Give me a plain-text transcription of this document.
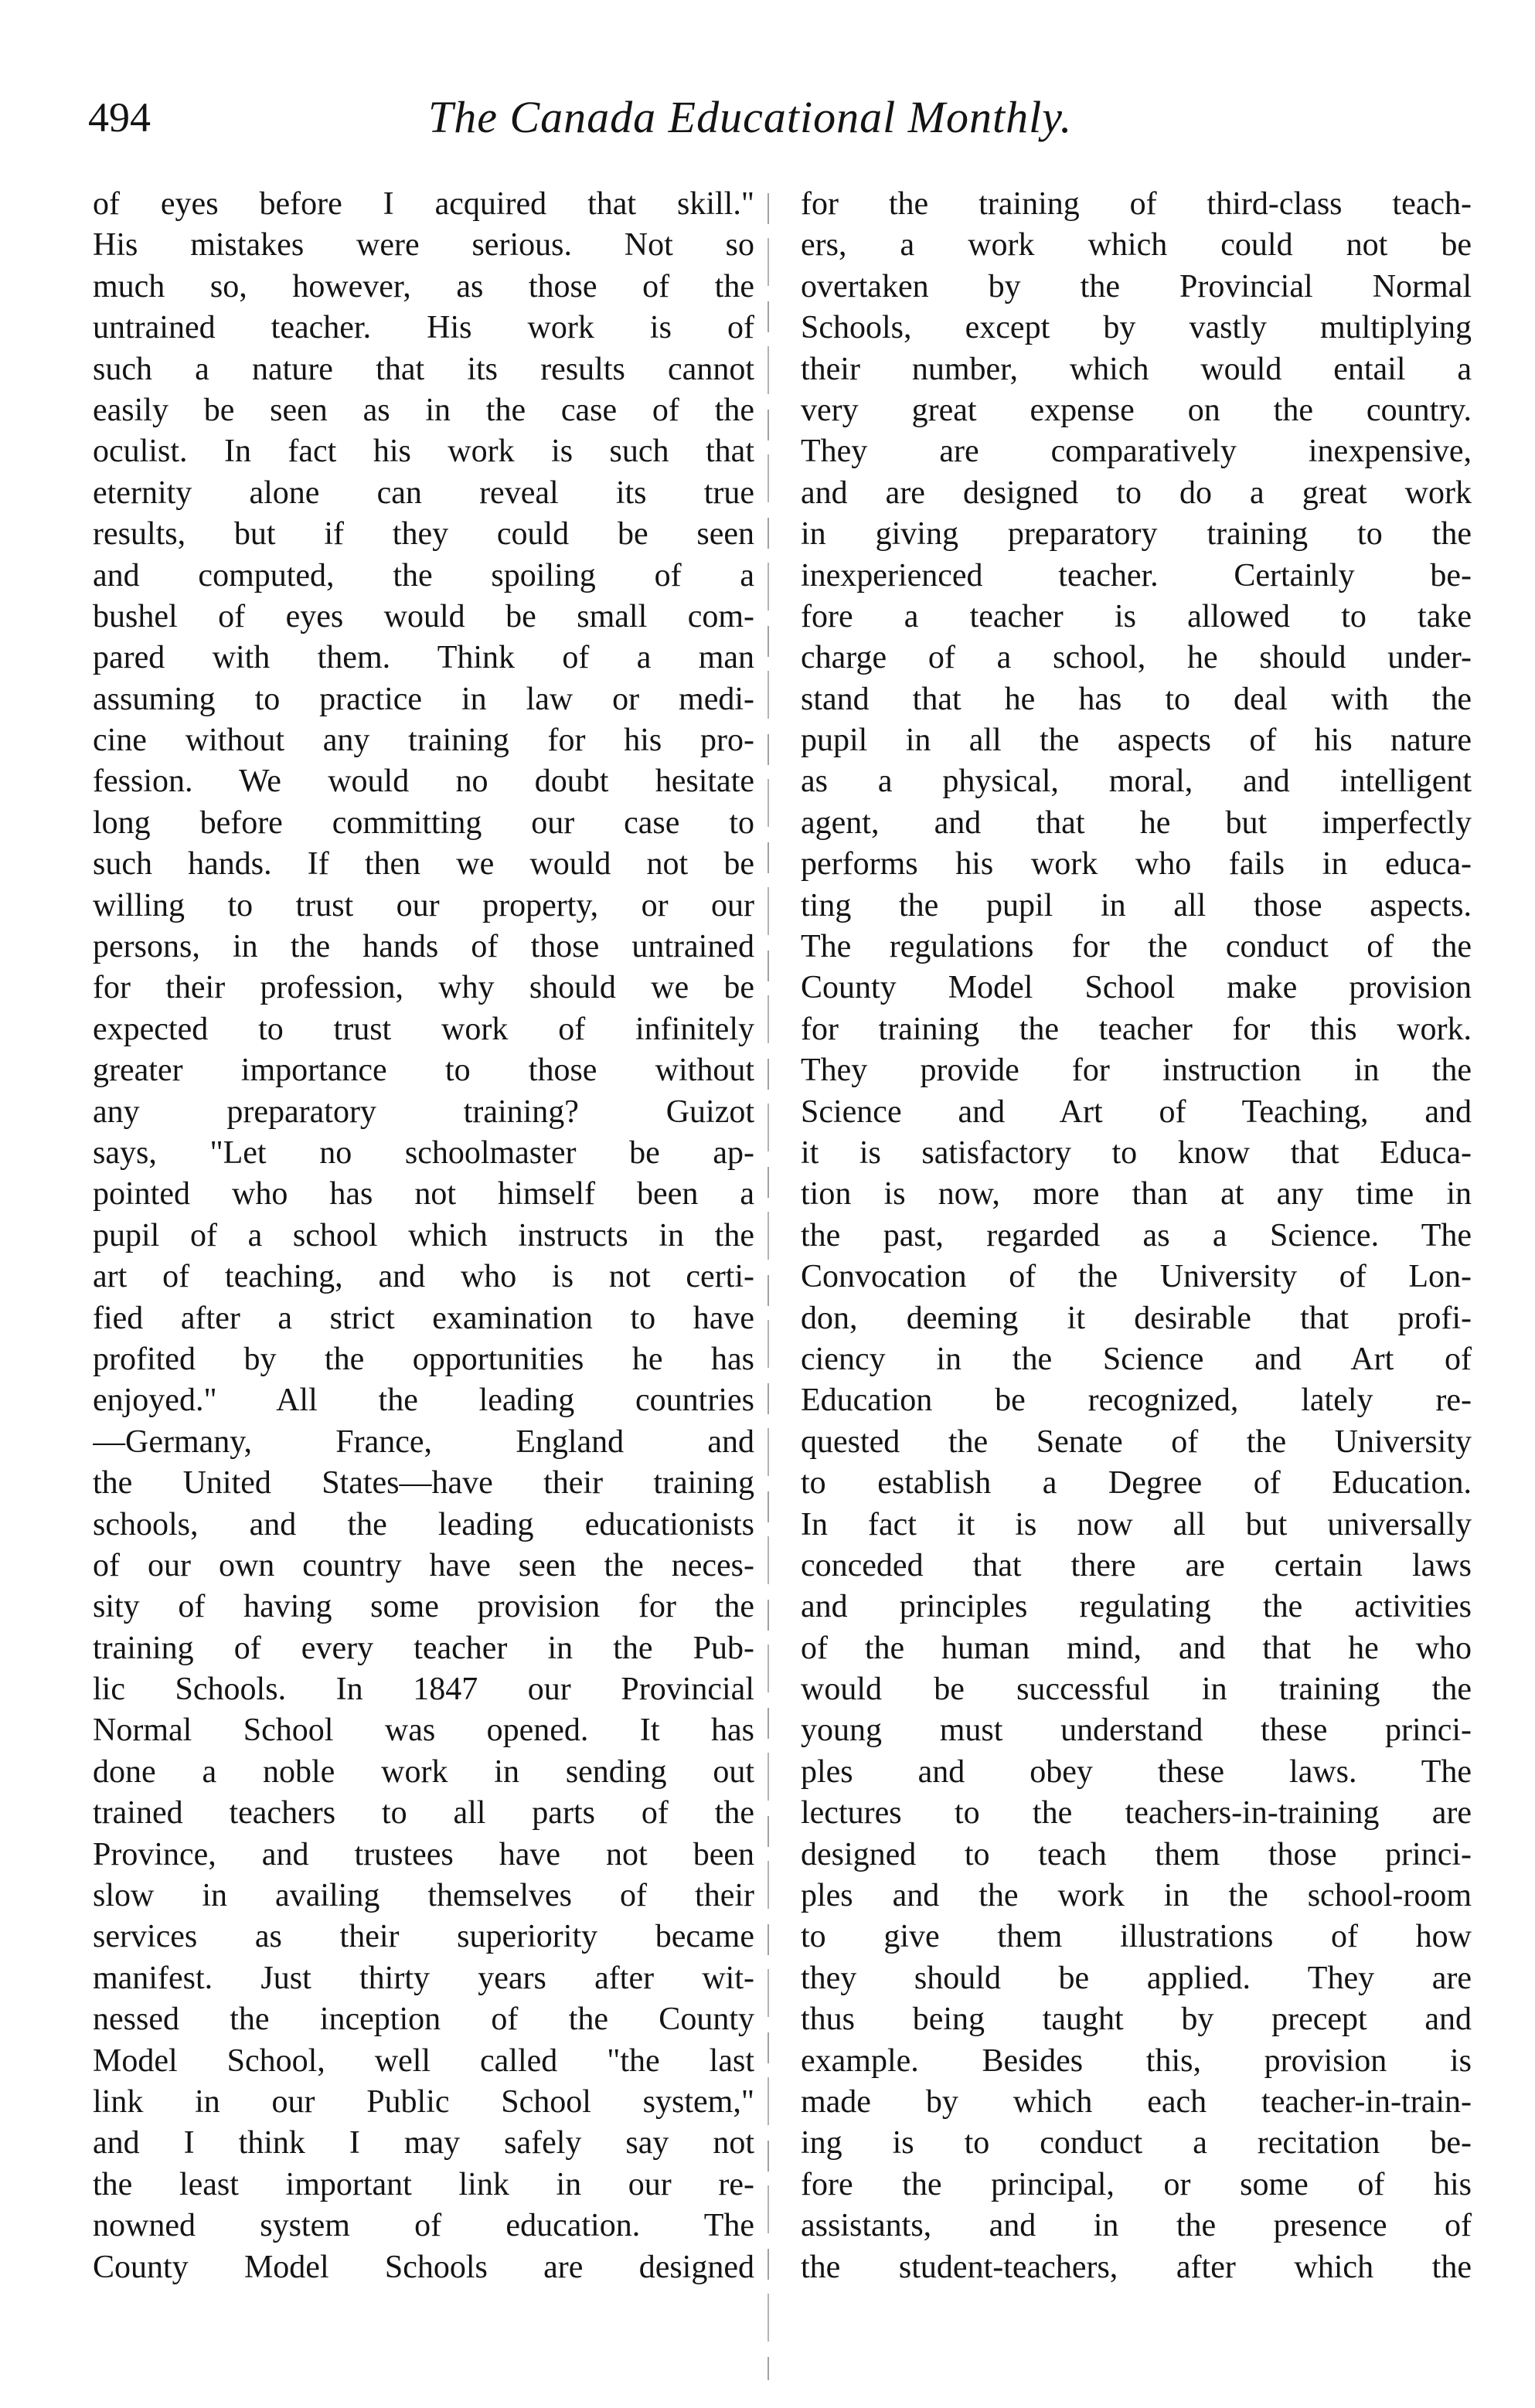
494	The Canada Educational Monthly.
of eyes before I acquired that skill."
His mistakes were serious. Not so
much so, however, as those of the
untrained teacher. His work is of
such a nature that its results cannot
easily be seen as in the case of the
oculist. In fact his work is such that
eternity alone can reveal its true
results, but if they could be seen
and computed, the spoiling of a
bushel of eyes would be small com-
pared with them. Think of a man
assuming to practice in law or medi-
cine without any training for his pro-
fession. We would no doubt hesitate
long before committing our case to
such hands. If then we would not be
willing to trust our property, or our
persons, in the hands of those untrained
for their profession, why should we be
expected to trust work of infinitely
greater importance to those without
any preparatory training? Guizot
says, "Let no schoolmaster be ap-
pointed who has not himself been a
pupil of a school which instructs in the
art of teaching, and who is not certi-
fied after a strict examination to have
profited by the opportunities he has
enjoyed." All the leading countries
—Germany, France, England and
the United States—have their training
schools, and the leading educationists
of our own country have seen the neces-
sity of having some provision for the
training of every teacher in the Pub-
lic Schools. In 1847 our Provincial
Normal School was opened. It has
done a noble work in sending out
trained teachers to all parts of the
Province, and trustees have not been
slow in availing themselves of their
services as their superiority became
manifest. Just thirty years after wit-
nessed the inception of the County
Model School, well called "the last
link in our Public School system,"
and I think I may safely say not
the least important link in our re-
nowned system of education. The
County Model Schools are designed
for the training of third-class teach-
ers, a work which could not be
overtaken by the Provincial Normal
Schools, except by vastly multiplying
their number, which would entail a
very great expense on the country.
They are comparatively inexpensive,
and are designed to do a great work
in giving preparatory training to the
inexperienced teacher. Certainly be-
fore a teacher is allowed to take
charge of a school, he should under-
stand that he has to deal with the
pupil in all the aspects of his nature
as a physical, moral, and intelligent
agent, and that he but imperfectly
performs his work who fails in educa-
ting the pupil in all those aspects.
The regulations for the conduct of the
County Model School make provision
for training the teacher for this work.
They provide for instruction in the
Science and Art of Teaching, and
it is satisfactory to know that Educa-
tion is now, more than at any time in
the past, regarded as a Science. The
Convocation of the University of Lon-
don, deeming it desirable that profi-
ciency in the Science and Art of
Education be recognized, lately re-
quested the Senate of the University
to establish a Degree of Education.
In fact it is now all but universally
conceded that there are certain laws
and principles regulating the activities
of the human mind, and that he who
would be successful in training the
young must understand these princi-
ples and obey these laws. The
lectures to the teachers-in-training are
designed to teach them those princi-
ples and the work in the school-room
to give them illustrations of how
they should be applied. They are
thus being taught by precept and
example. Besides this, provision is
made by which each teacher-in-train-
ing is to conduct a recitation be-
fore the principal, or some of his
assistants, and in the presence of
the student-teachers, after which the
